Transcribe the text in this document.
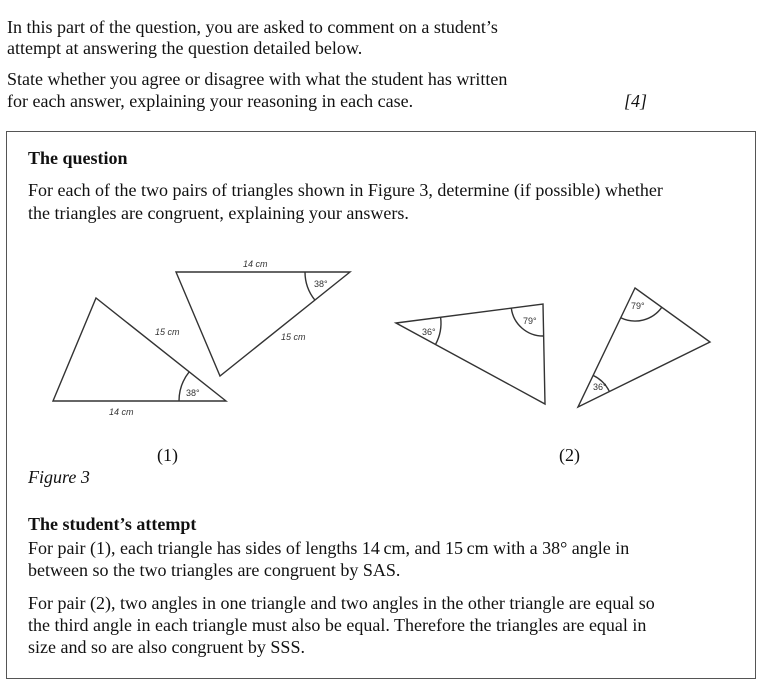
In this part of the question, you are asked to comment on a student’s
attempt at answering the question detailed below.
State whether you agree or disagree with what the student has written
for each answer, explaining your reasoning in each case.	[4]
The question
For each of the two pairs of triangles shown in Figure 3, determine (if possible) whether
the triangles are congruent, explaining your answers.
14 cm
15 cm
38°
14 cm
15 cm
38°
36°
79°
79°
36°
(1)	(2)
Figure 3
The student’s attempt
For pair (1), each triangle has sides of lengths 14 cm, and 15 cm with a 38° angle in
between so the two triangles are congruent by SAS.
For pair (2), two angles in one triangle and two angles in the other triangle are equal so
the third angle in each triangle must also be equal. Therefore the triangles are equal in
size and so are also congruent by SSS.
